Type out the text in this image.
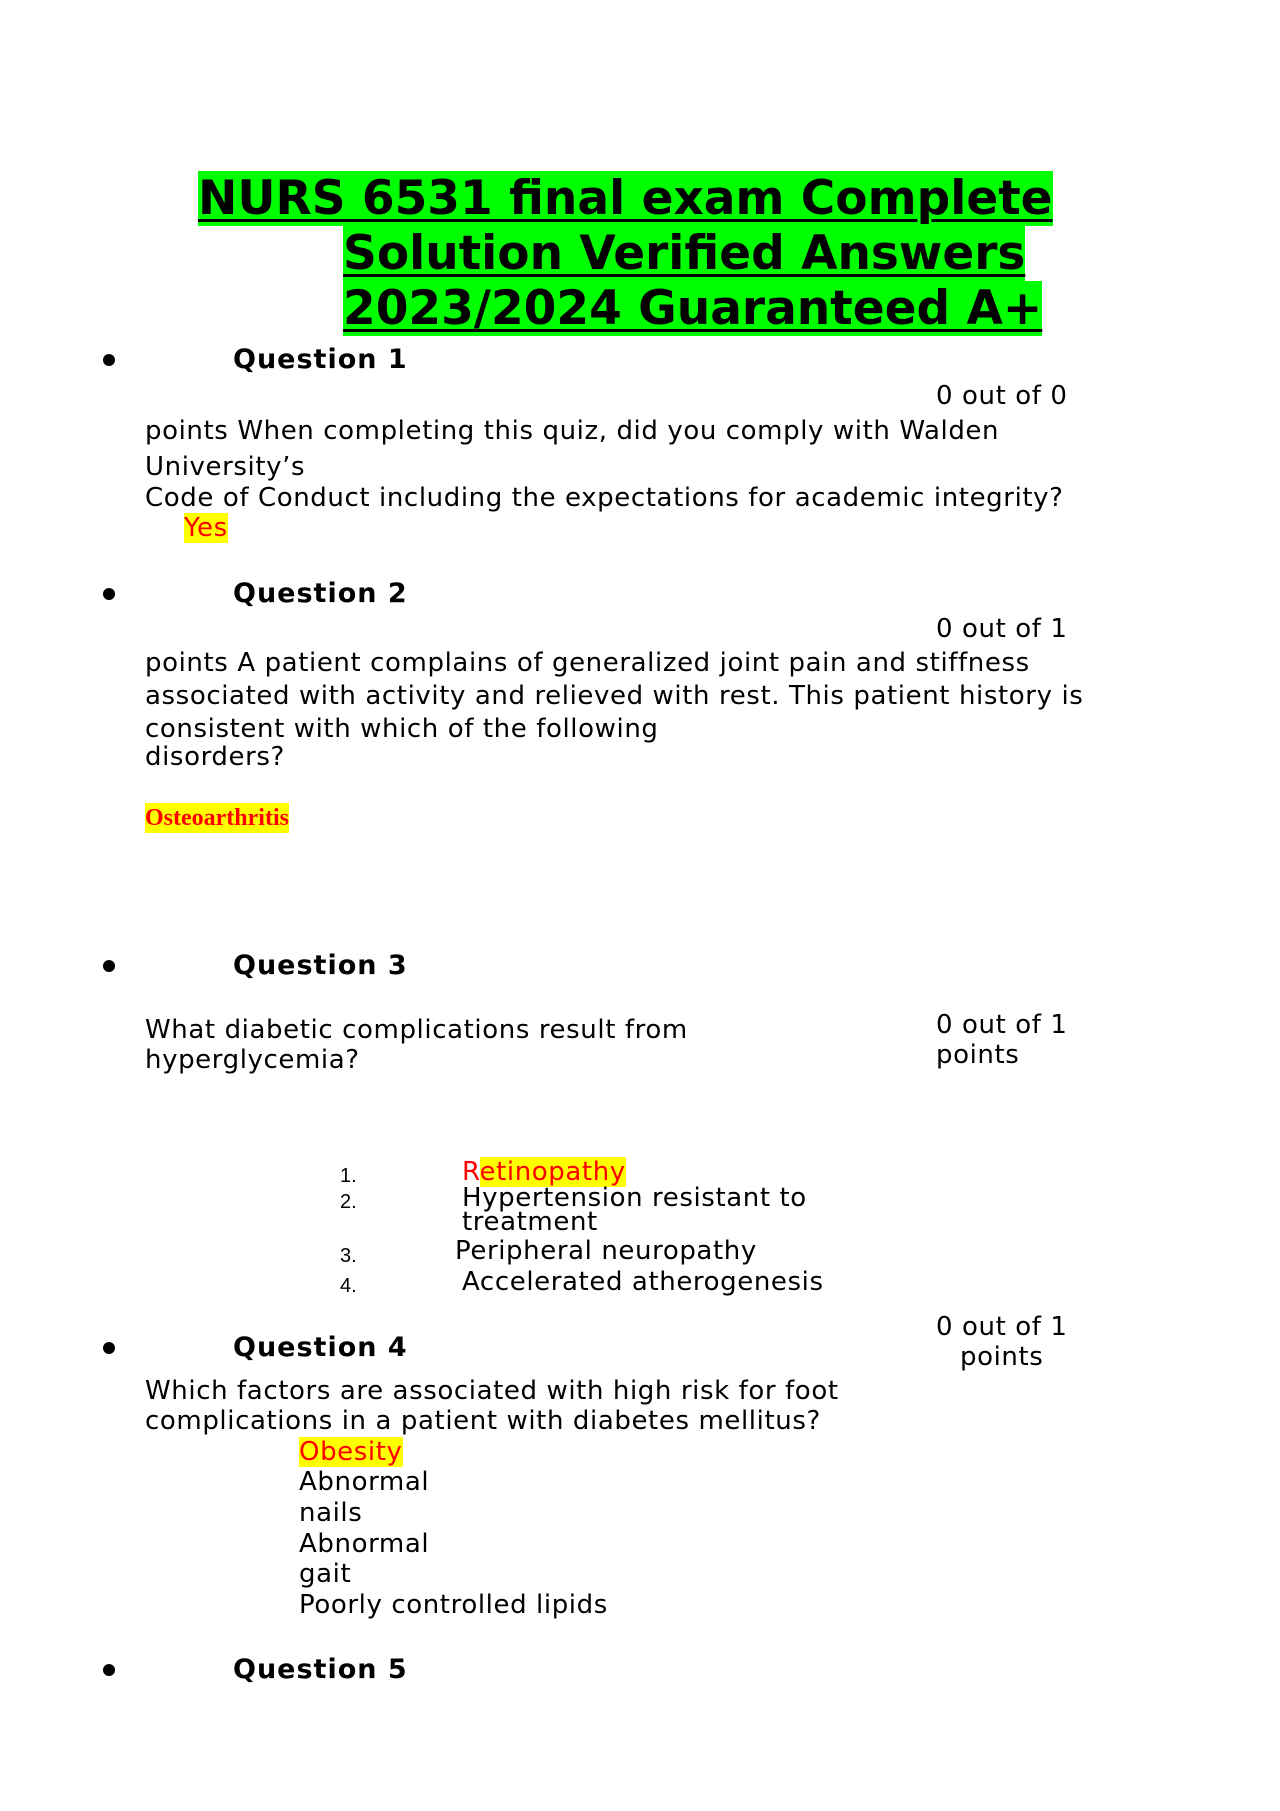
NURS 6531 final exam Complete
Solution Verified Answers
2023/2024 Guaranteed A+
Question 1
0 out of 0
points When completing this quiz, did you comply with Walden
University’s
Code of Conduct including the expectations for academic integrity?
Yes
Question 2
0 out of 1
points A patient complains of generalized joint pain and stiffness
associated with activity and relieved with rest. This patient history is
consistent with which of the following
disorders?
Osteoarthritis
Question 3
0 out of 1
points
What diabetic complications result from
hyperglycemia?
1.	Retinopathy
2.	Hypertension resistant to
treatment
3.	Peripheral neuropathy
4.	Accelerated atherogenesis
0 out of 1
points
Question 4
Which factors are associated with high risk for foot
complications in a patient with diabetes mellitus?
Obesity
Abnormal
nails
Abnormal
gait
Poorly controlled lipids
Question 5
